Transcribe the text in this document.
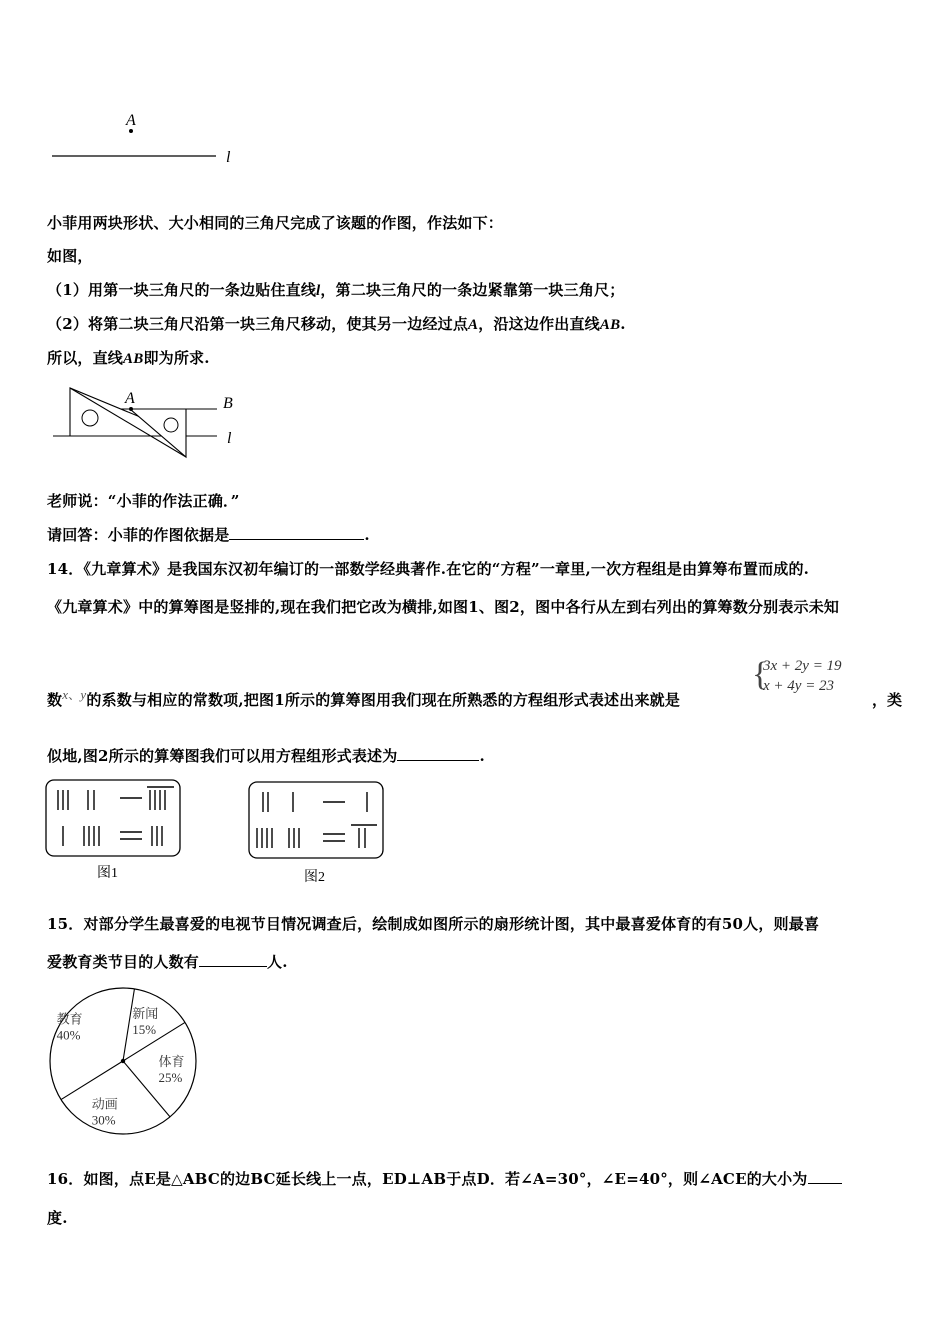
A
l
小菲用两块形状、大小相同的三角尺完成了该题的作图，作法如下：
如图，
（1）用第一块三角尺的一条边贴住直线l，第二块三角尺的一条边紧靠第一块三角尺；
（2）将第二块三角尺沿第一块三角尺移动，使其另一边经过点A，沿这边作出直线AB.
所以，直线AB即为所求.
A	B
l
老师说：“小菲的作法正确．”
请回答：小菲的作图依据是	.
14．《九章算术》是我国东汉初年编订的一部数学经典著作.在它的“方程”一章里,一次方程组是由算筹布置而成的.
《九章算术》中的算筹图是竖排的,现在我们把它改为横排,如图1、图2，图中各行从左到右列出的算筹数分别表示未知
数x、y的系数与相应的常数项,把图1所示的算筹图用我们现在所熟悉的方程组形式表述出来就是
{
3x + 2y = 19
x + 4y = 23
，类
似地,图2所示的算筹图我们可以用方程组形式表述为	.
图1	图2
15．对部分学生最喜爱的电视节目情况调查后，绘制成如图所示的扇形统计图，其中最喜爱体育的有50人，则最喜
爱教育类节目的人数有	人.
新闻
15%
体育
25%
动画
30%
教育
40%
16．如图，点E是△ABC的边BC延长线上一点，ED⊥AB于点D．若∠A=30°，∠E=40°，则∠ACE的大小为
度.
